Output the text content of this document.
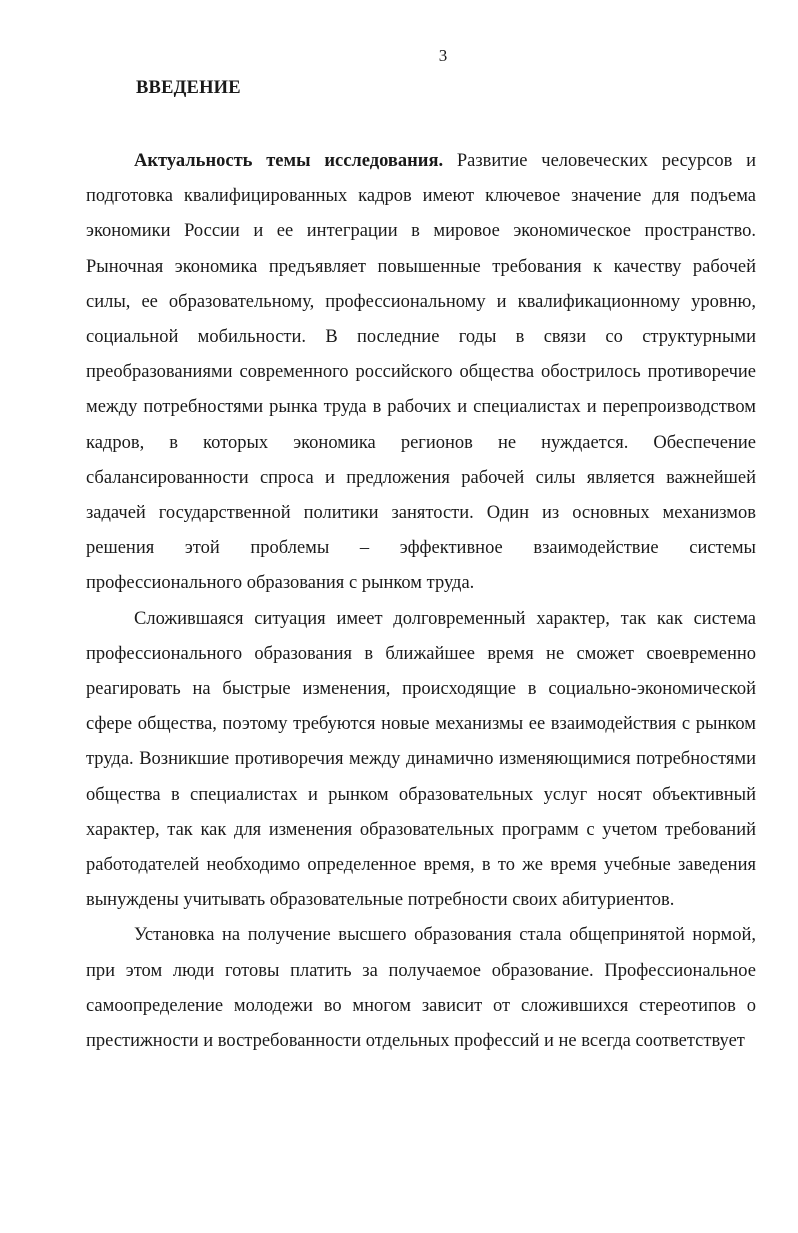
3
ВВЕДЕНИЕ

Актуальность темы исследования. Развитие человеческих ресурсов и подготовка квалифицированных кадров имеют ключевое значение для подъема экономики России и ее интеграции в мировое экономическое пространство. Рыночная экономика предъявляет повышенные требования к качеству рабочей силы, ее образовательному, профессиональному и квалификационному уровню, социальной мобильности. В последние годы в связи со структурными преобразованиями современного российского общества обострилось противоречие между потребностями рынка труда в рабочих и специалистах и перепроизводством кадров, в которых экономика регионов не нуждается. Обеспечение сбалансированности спроса и предложения рабочей силы является важнейшей задачей государственной политики занятости. Один из основных механизмов решения этой проблемы – эффективное взаимодействие системы профессионального образования с рынком труда.

Сложившаяся ситуация имеет долговременный характер, так как система профессионального образования в ближайшее время не сможет своевременно реагировать на быстрые изменения, происходящие в социально-экономической сфере общества, поэтому требуются новые механизмы ее взаимодействия с рынком труда. Возникшие противоречия между динамично изменяющимися потребностями общества в специалистах и рынком образовательных услуг носят объективный характер, так как для изменения образовательных программ с учетом требований работодателей необходимо определенное время, в то же время учебные заведения вынуждены учитывать образовательные потребности своих абитуриентов.

Установка на получение высшего образования стала общепринятой нормой, при этом люди готовы платить за получаемое образование. Профессиональное самоопределение молодежи во многом зависит от сложившихся стереотипов о престижности и востребованности отдельных профессий и не всегда соответствует
